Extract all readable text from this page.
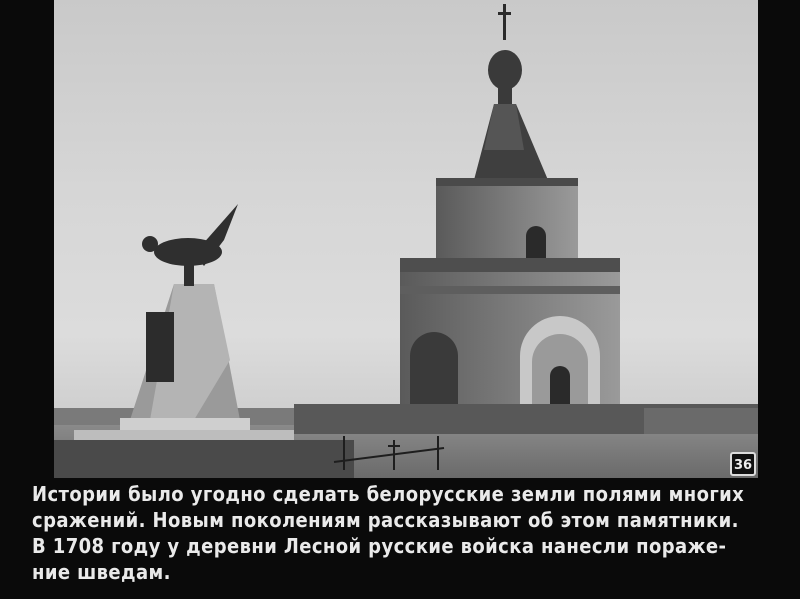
36
Истории было угодно сделать белорусские земли полями многих
сражений. Новым поколениям рассказывают об этом памятники.
В 1708 году у деревни Лесной русские войска нанесли пораже-
ние шведам.
